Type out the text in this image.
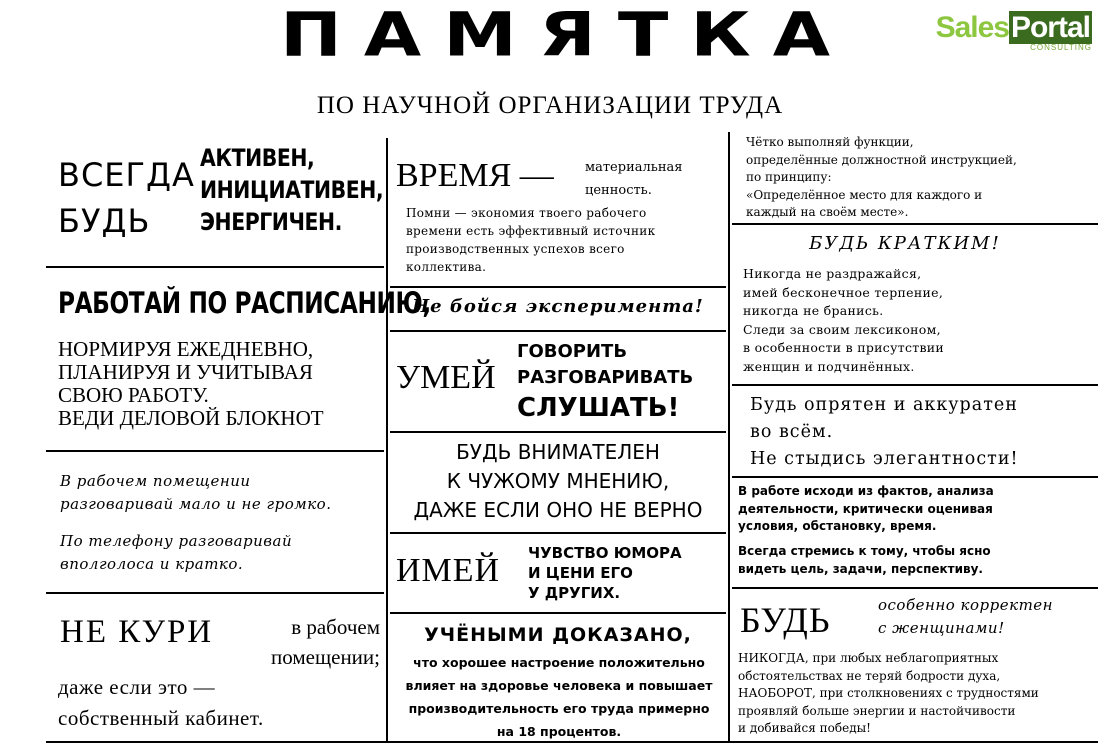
ПАМЯТКА
ПО НАУЧНОЙ ОРГАНИЗАЦИИ ТРУДА
SalesPortal
CONSULTING
ВСЕГДА
БУДЬ
АКТИВЕН,
ИНИЦИАТИВЕН,
ЭНЕРГИЧЕН.
РАБОТАЙ ПО РАСПИСАНИЮ,
НОРМИРУЯ ЕЖЕДНЕВНО,
ПЛАНИРУЯ И УЧИТЫВАЯ
СВОЮ РАБОТУ.
ВЕДИ ДЕЛОВОЙ БЛОКНОТ
В рабочем помещении
разговаривай мало и не громко.
По телефону разговаривай
вполголоса и кратко.
НЕ КУРИ	в рабочем
помещении;
даже если это —
собственный кабинет.
ВРЕМЯ — материальная
ценность.
Помни — экономия твоего рабочего
времени есть эффективный источник
производственных успехов всего
коллектива.
Не бойся эксперимента!
УМЕЙ
ГОВОРИТЬ
РАЗГОВАРИВАТЬ
СЛУШАТЬ!
БУДЬ ВНИМАТЕЛЕН
К ЧУЖОМУ МНЕНИЮ,
ДАЖЕ ЕСЛИ ОНО НЕ ВЕРНО
ИМЕЙ ЧУВСТВО ЮМОРА
И ЦЕНИ ЕГО
У ДРУГИХ.
УЧЁНЫМИ ДОКАЗАНО,
что хорошее настроение положительно
влияет на здоровье человека и повышает
производительность его труда примерно
на 18 процентов.
Чётко выполняй функции,
определённые должностной инструкцией,
по принципу:
«Определённое место для каждого и
каждый на своём месте».
БУДЬ КРАТКИМ!
Никогда не раздражайся,
имей бесконечное терпение,
никогда не бранись.
Следи за своим лексиконом,
в особенности в присутствии
женщин и подчинённых.
Будь опрятен и аккуратен
во всём.
Не стыдись элегантности!
В работе исходи из фактов, анализа
деятельности, критически оценивая
условия, обстановку, время.
Всегда стремись к тому, чтобы ясно
видеть цель, задачи, перспективу.
БУДЬ	особенно корректен
с женщинами!
НИКОГДА, при любых неблагоприятных
обстоятельствах не теряй бодрости духа,
НАОБОРОТ, при столкновениях с трудностями
проявляй больше энергии и настойчивости
и добивайся победы!
